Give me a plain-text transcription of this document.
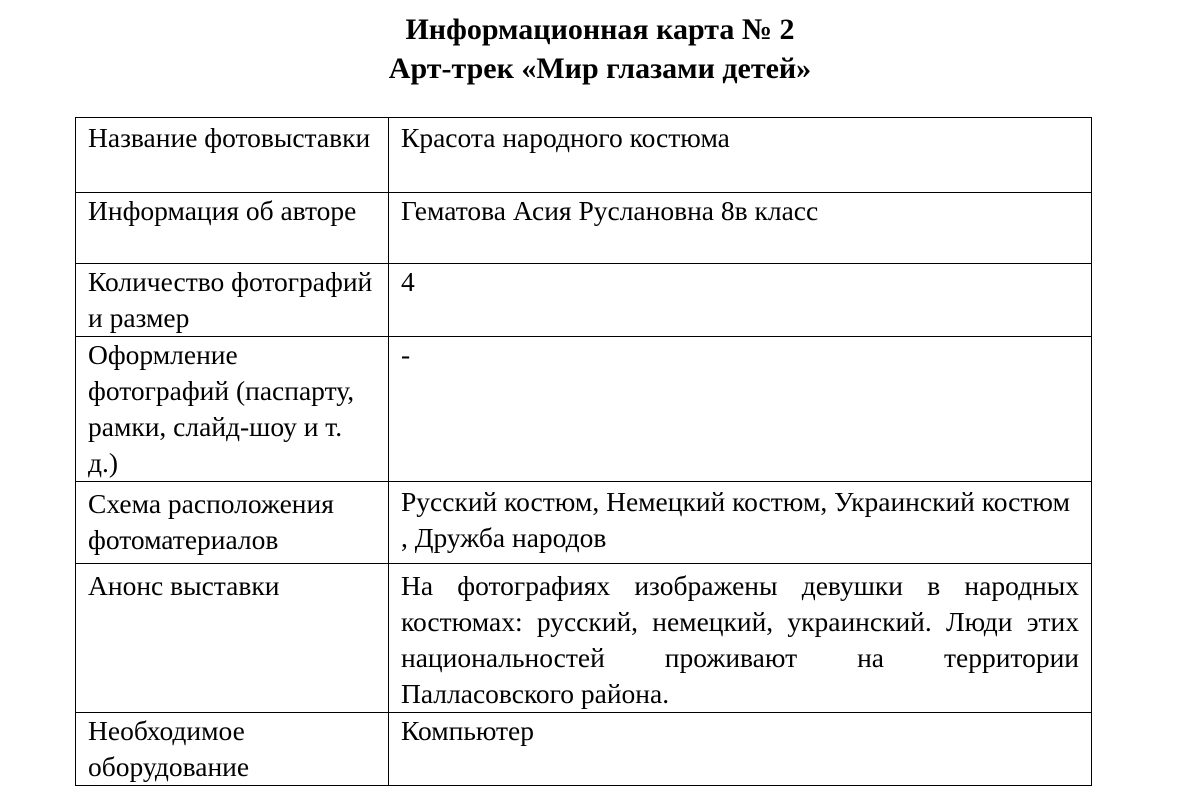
Информационная карта № 2
Арт-трек «Мир глазами детей»
Название фотовыставки	Красота народного костюма
Информация об авторе	Гематова Асия Руслановна 8в класс
Количество фотографий и размер	4
Оформление фотографий (паспарту, рамки, слайд-шоу и т. д.)	-
Схема расположения фотоматериалов	Русский костюм, Немецкий костюм, Украинский костюм , Дружба народов
Анонс выставки	На фотографиях изображены девушки в народных костюмах: русский, немецкий, украинский. Люди этих национальностей проживают на территории Палласовского района.
Необходимое оборудование	Компьютер
